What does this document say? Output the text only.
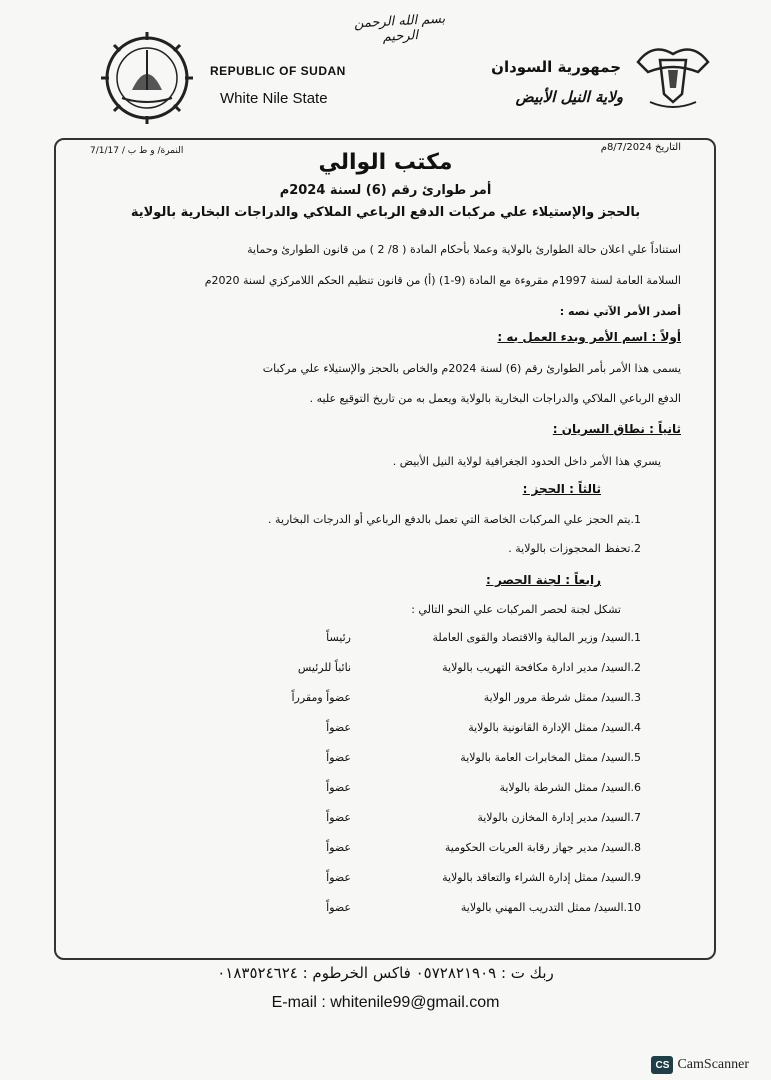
بسم الله الرحمن الرحيم
REPUBLIC OF SUDAN
White Nile State
جمهورية السودان
ولاية النيل الأبيض
النمرة/ و ط ب / 7/1/17	التاريخ 8/7/2024م
مكتب الوالي
أمر طوارئ رقم (6) لسنة 2024م
بالحجز والإستيلاء علي مركبات الدفع الرباعي الملاكي والدراجات البخارية بالولاية
استناداً علي اعلان حالة الطوارئ بالولاية وعملا بأحكام المادة ( 8/ 2 ) من قانون الطوارئ وحماية
السلامة العامة لسنة 1997م مقروءة مع المادة (9-1) (أ) من قانون تنظيم الحكم اللامركزي لسنة 2020م
أصدر الأمر الآتي نصه :
أولاً : اسم الأمر وبدء العمل به :
يسمى هذا الأمر بأمر الطوارئ رقم (6) لسنة 2024م والخاص بالحجز والإستيلاء علي مركبات
الدفع الرباعي الملاكي والدراجات البخارية بالولاية ويعمل به من تاريخ التوقيع عليه .
ثانياً : نطاق السريان :
يسري هذا الأمر داخل الحدود الجغرافية لولاية النيل الأبيض .
ثالثاً : الحجز :
1.يتم الحجز علي المركبات الخاصة التي تعمل بالدفع الرباعي أو الدرجات البخارية .
2.تحفظ المحجوزات بالولاية .
رابعاً : لجنة الحصر :
تشكل لجنة لحصر المركبات علي النحو التالي :
1.السيد/ وزير المالية والاقتصاد والقوى العاملة
رئيساً
2.السيد/ مدير ادارة مكافحة التهريب بالولاية
نائباً للرئيس
3.السيد/ ممثل شرطة مرور الولاية
عضواً ومقرراً
4.السيد/ ممثل الإدارة القانونية بالولاية
عضواً
5.السيد/ ممثل المخابرات العامة بالولاية
عضواً
6.السيد/ ممثل الشرطة بالولاية
عضواً
7.السيد/ مدير إدارة المخازن بالولاية
عضواً
8.السيد/ مدير جهاز رقابة العربات الحكومية
عضواً
9.السيد/ ممثل إدارة الشراء والتعاقد بالولاية
عضواً
10.السيد/ ممثل التدريب المهني بالولاية
عضواً
ربك ت : ٠٥٧٢٨٢١٩٠٩ فاكس الخرطوم : ٠١٨٣٥٢٤٦٢٤
E-mail : whitenile99@gmail.com
CS CamScanner
